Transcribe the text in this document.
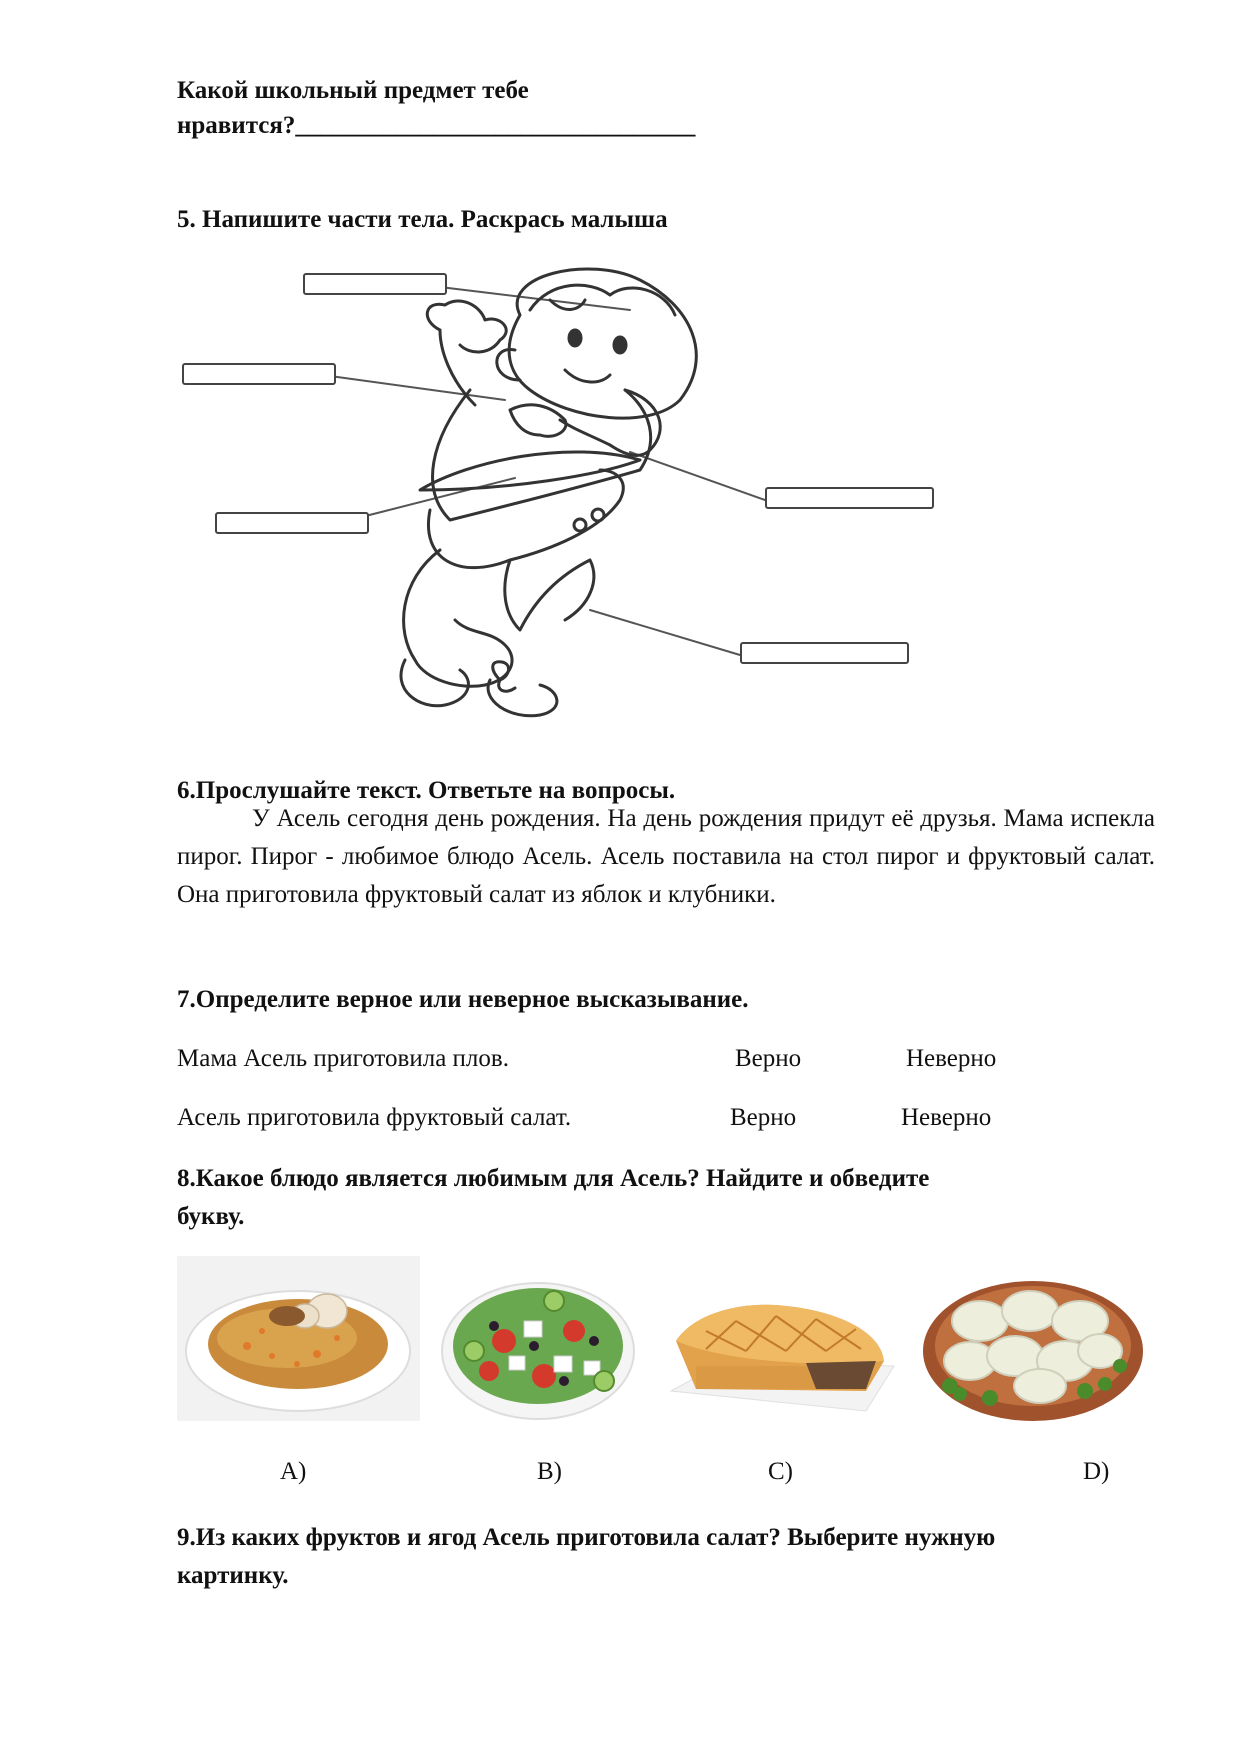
Какой школьный предмет тебе
нравится?________________________________
5. Напишите части тела. Раскрась малыша
6.Прослушайте текст. Ответьте на вопросы.
У Асель сегодня день рождения. На день рождения придут её друзья. Мама испекла пирог. Пирог - любимое блюдо Асель. Асель поставила на стол пирог и фруктовый салат. Она приготовила фруктовый салат из яблок и клубники.
7.Определите верное или неверное высказывание.
Мама Асель приготовила плов.	Верно	Неверно
Асель приготовила фруктовый салат.	Верно	Неверно
8.Какое блюдо является любимым для Асель? Найдите и обведите
букву.
A)	B)	C)	D)
9.Из каких фруктов и ягод Асель приготовила салат? Выберите нужную
картинку.
